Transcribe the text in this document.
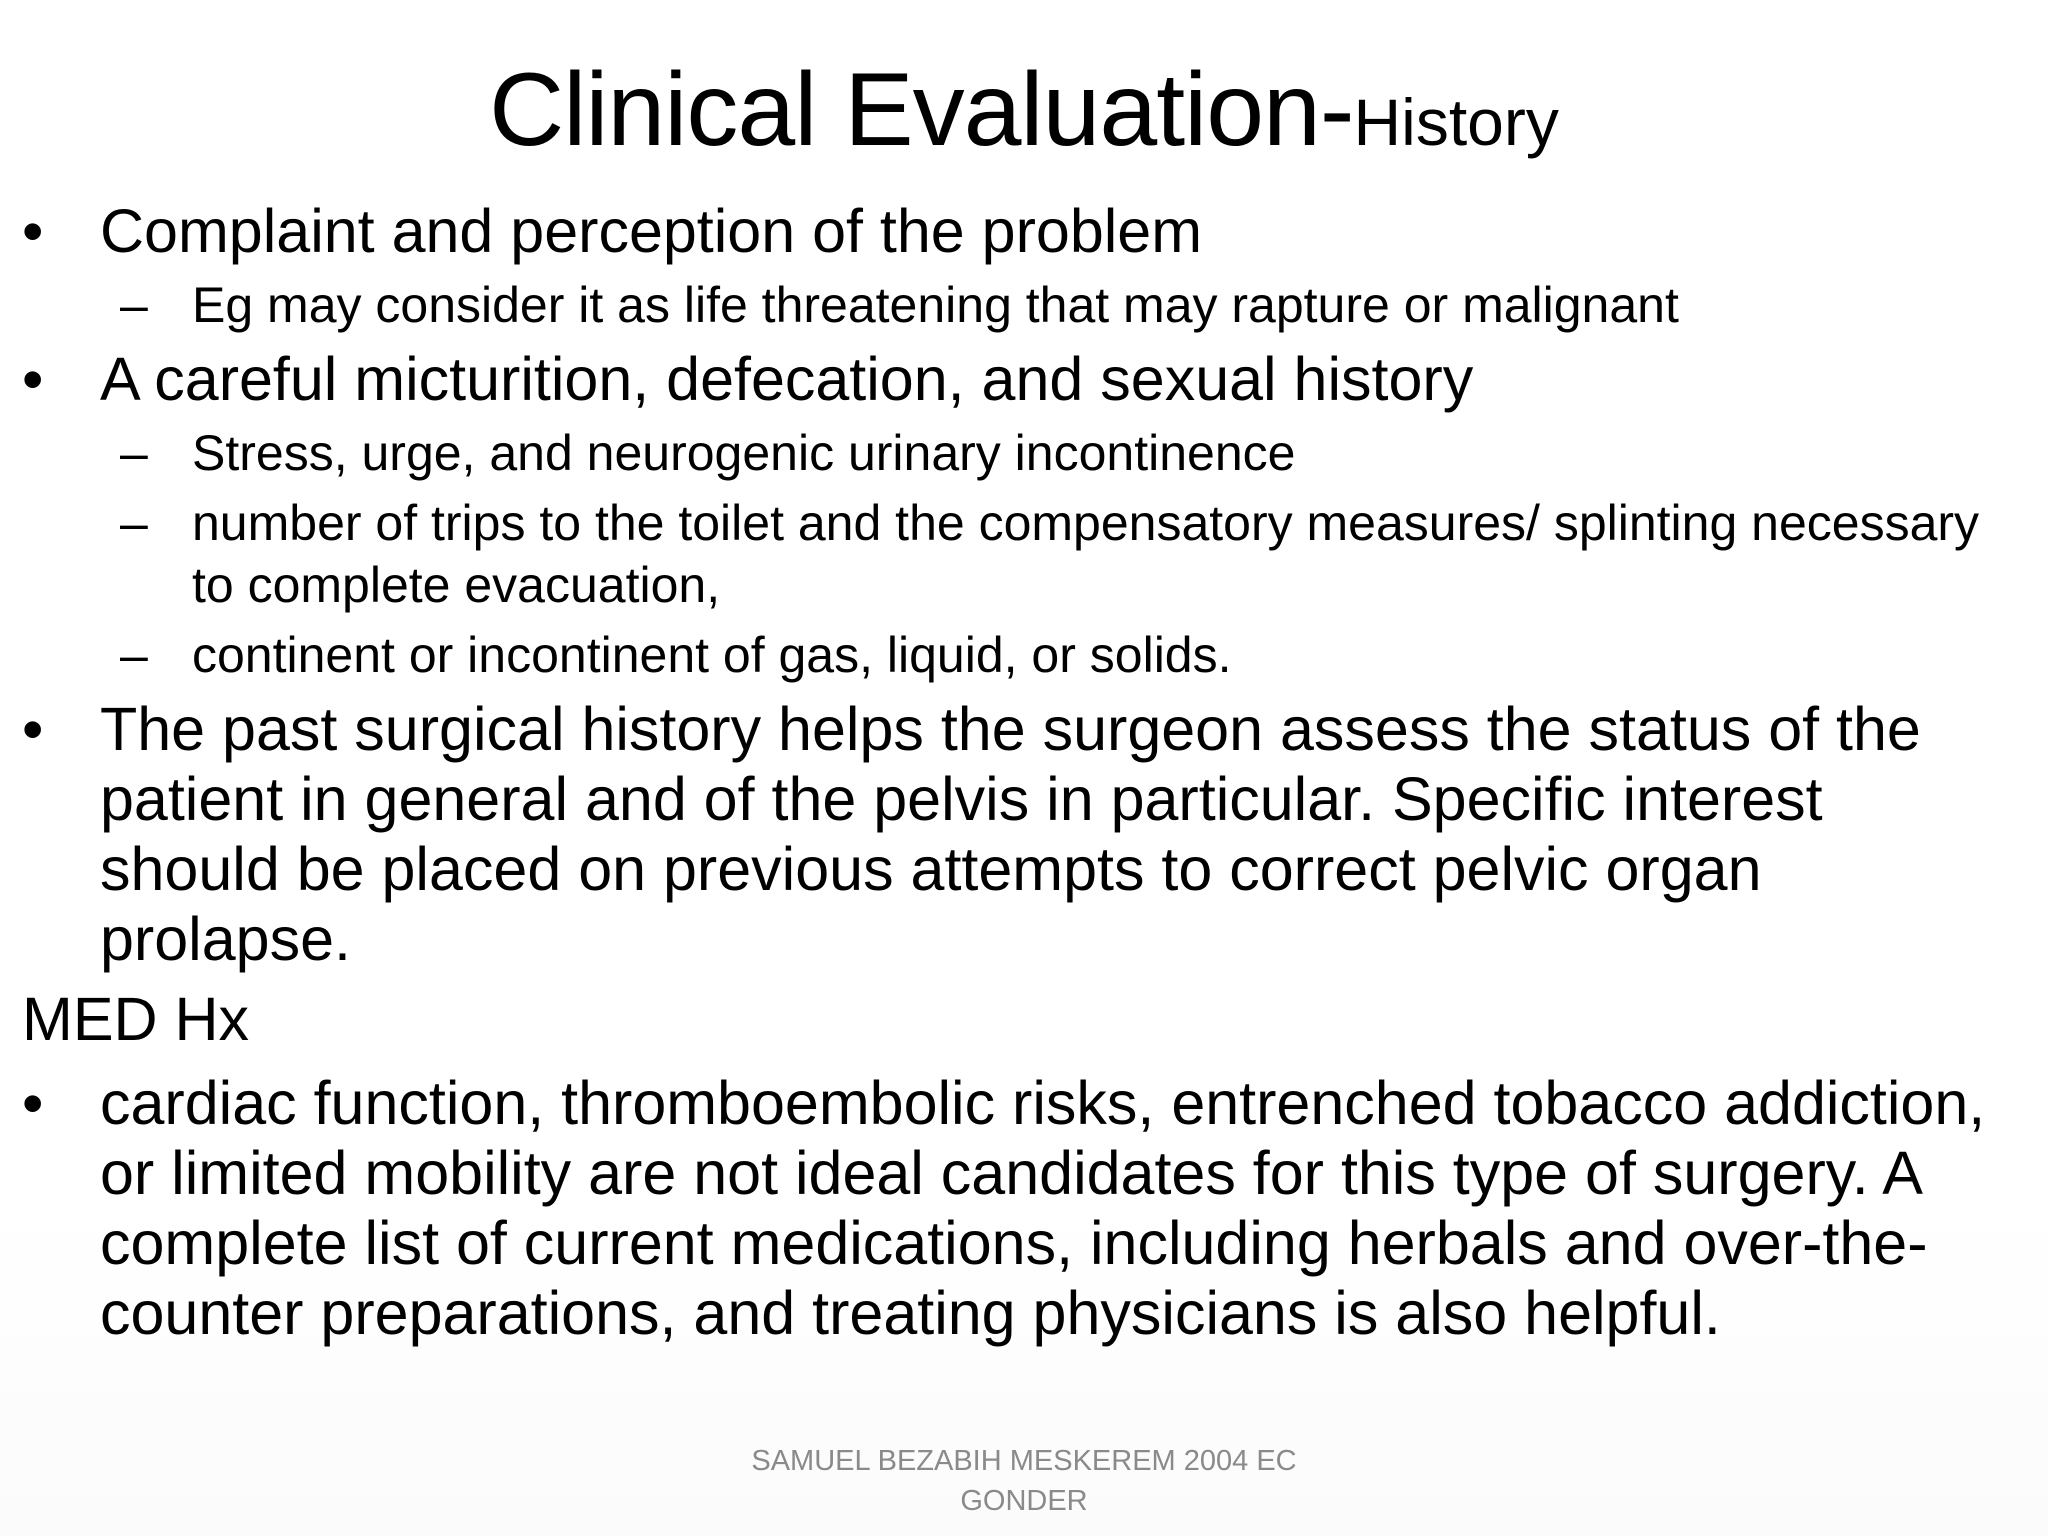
Clinical Evaluation-History

• Complaint and perception of the problem

– Eg may consider it as life threatening that may rapture or malignant

• A careful micturition, defecation, and sexual history

– Stress, urge, and neurogenic urinary incontinence

– number of trips to the toilet and the compensatory measures/ splinting necessary to complete evacuation,

– continent or incontinent of gas, liquid, or solids.

• The past surgical history helps the surgeon assess the status of the patient in general and of the pelvis in particular. Specific interest should be placed on previous attempts to correct pelvic organ prolapse.

MED Hx

• cardiac function, thromboembolic risks, entrenched tobacco addiction, or limited mobility are not ideal candidates for this type of surgery. A complete list of current medications, including herbals and over-the-counter preparations, and treating physicians is also helpful.

SAMUEL BEZABIH MESKEREM 2004 EC
GONDER
